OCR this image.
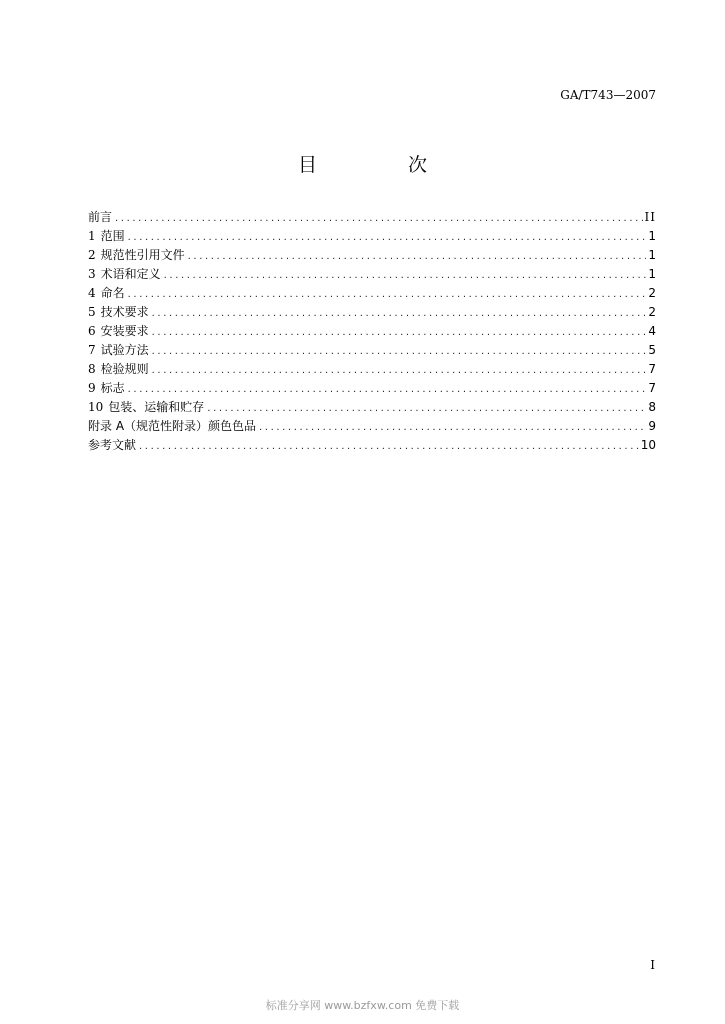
GA/T743—2007
目　次
前言 .....	II
1 范围 .....	1
2 规范性引用文件 .....	1
3 术语和定义 .....	1
4 命名 .....	2
5 技术要求 .....	2
6 安装要求 .....	4
7 试验方法 .....	5
8 检验规则 .....	7
9 标志 .....	7
10 包装、运输和贮存 .....	8
附录 A（规范性附录）颜色色品 .....	9
参考文献 .....	10
I
标准分享网 www.bzfxw.com 免费下载
